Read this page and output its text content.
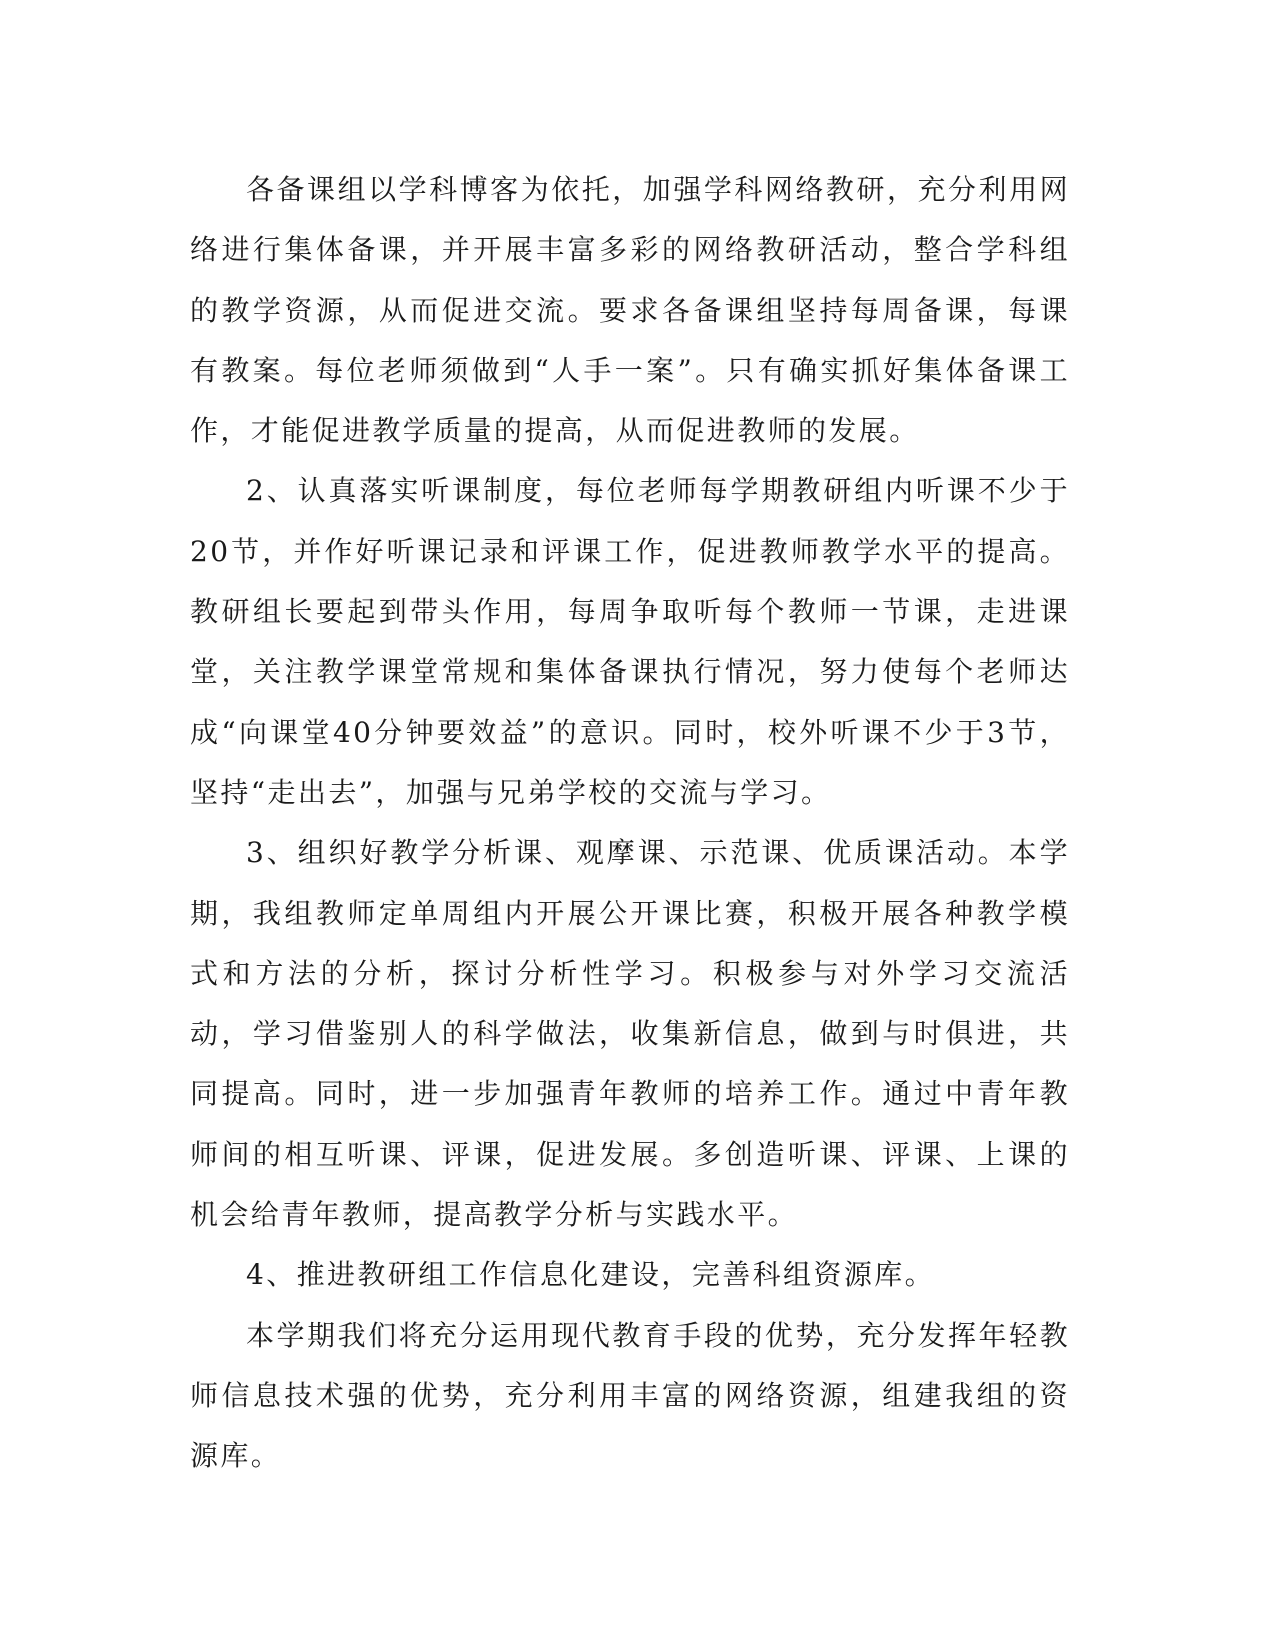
各备课组以学科博客为依托，加强学科网络教研，充分利用网络进行集体备课，并开展丰富多彩的网络教研活动，整合学科组的教学资源，从而促进交流。要求各备课组坚持每周备课，每课有教案。每位老师须做到“人手一案”。只有确实抓好集体备课工作，才能促进教学质量的提高，从而促进教师的发展。

2、认真落实听课制度，每位老师每学期教研组内听课不少于20节，并作好听课记录和评课工作，促进教师教学水平的提高。教研组长要起到带头作用，每周争取听每个教师一节课，走进课堂，关注教学课堂常规和集体备课执行情况，努力使每个老师达成“向课堂40分钟要效益”的意识。同时，校外听课不少于3节，坚持“走出去”，加强与兄弟学校的交流与学习。

3、组织好教学分析课、观摩课、示范课、优质课活动。本学期，我组教师定单周组内开展公开课比赛，积极开展各种教学模式和方法的分析，探讨分析性学习。积极参与对外学习交流活动，学习借鉴别人的科学做法，收集新信息，做到与时俱进，共同提高。同时，进一步加强青年教师的培养工作。通过中青年教师间的相互听课、评课，促进发展。多创造听课、评课、上课的机会给青年教师，提高教学分析与实践水平。

4、推进教研组工作信息化建设，完善科组资源库。

本学期我们将充分运用现代教育手段的优势，充分发挥年轻教师信息技术强的优势，充分利用丰富的网络资源，组建我组的资源库。
